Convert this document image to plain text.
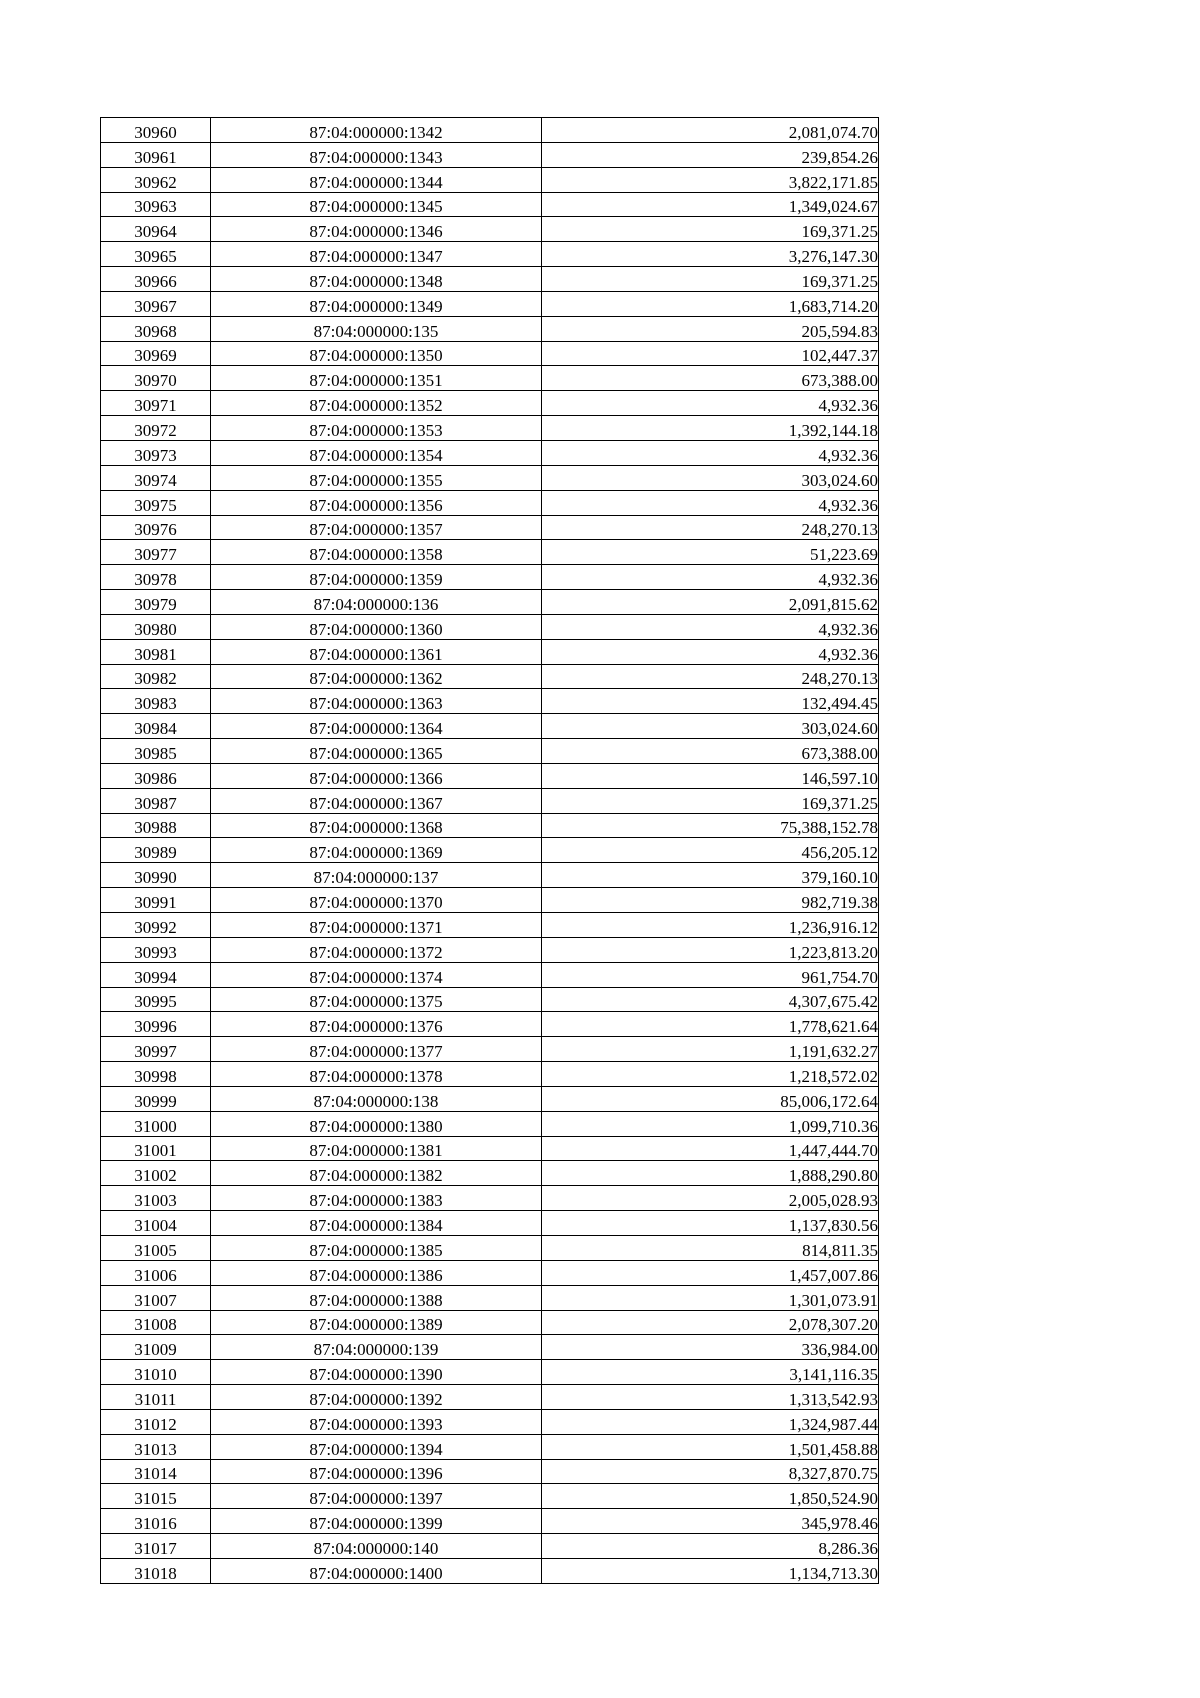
30960	87:04:000000:1342	2,081,074.70
30961	87:04:000000:1343	239,854.26
30962	87:04:000000:1344	3,822,171.85
30963	87:04:000000:1345	1,349,024.67
30964	87:04:000000:1346	169,371.25
30965	87:04:000000:1347	3,276,147.30
30966	87:04:000000:1348	169,371.25
30967	87:04:000000:1349	1,683,714.20
30968	87:04:000000:135	205,594.83
30969	87:04:000000:1350	102,447.37
30970	87:04:000000:1351	673,388.00
30971	87:04:000000:1352	4,932.36
30972	87:04:000000:1353	1,392,144.18
30973	87:04:000000:1354	4,932.36
30974	87:04:000000:1355	303,024.60
30975	87:04:000000:1356	4,932.36
30976	87:04:000000:1357	248,270.13
30977	87:04:000000:1358	51,223.69
30978	87:04:000000:1359	4,932.36
30979	87:04:000000:136	2,091,815.62
30980	87:04:000000:1360	4,932.36
30981	87:04:000000:1361	4,932.36
30982	87:04:000000:1362	248,270.13
30983	87:04:000000:1363	132,494.45
30984	87:04:000000:1364	303,024.60
30985	87:04:000000:1365	673,388.00
30986	87:04:000000:1366	146,597.10
30987	87:04:000000:1367	169,371.25
30988	87:04:000000:1368	75,388,152.78
30989	87:04:000000:1369	456,205.12
30990	87:04:000000:137	379,160.10
30991	87:04:000000:1370	982,719.38
30992	87:04:000000:1371	1,236,916.12
30993	87:04:000000:1372	1,223,813.20
30994	87:04:000000:1374	961,754.70
30995	87:04:000000:1375	4,307,675.42
30996	87:04:000000:1376	1,778,621.64
30997	87:04:000000:1377	1,191,632.27
30998	87:04:000000:1378	1,218,572.02
30999	87:04:000000:138	85,006,172.64
31000	87:04:000000:1380	1,099,710.36
31001	87:04:000000:1381	1,447,444.70
31002	87:04:000000:1382	1,888,290.80
31003	87:04:000000:1383	2,005,028.93
31004	87:04:000000:1384	1,137,830.56
31005	87:04:000000:1385	814,811.35
31006	87:04:000000:1386	1,457,007.86
31007	87:04:000000:1388	1,301,073.91
31008	87:04:000000:1389	2,078,307.20
31009	87:04:000000:139	336,984.00
31010	87:04:000000:1390	3,141,116.35
31011	87:04:000000:1392	1,313,542.93
31012	87:04:000000:1393	1,324,987.44
31013	87:04:000000:1394	1,501,458.88
31014	87:04:000000:1396	8,327,870.75
31015	87:04:000000:1397	1,850,524.90
31016	87:04:000000:1399	345,978.46
31017	87:04:000000:140	8,286.36
31018	87:04:000000:1400	1,134,713.30
